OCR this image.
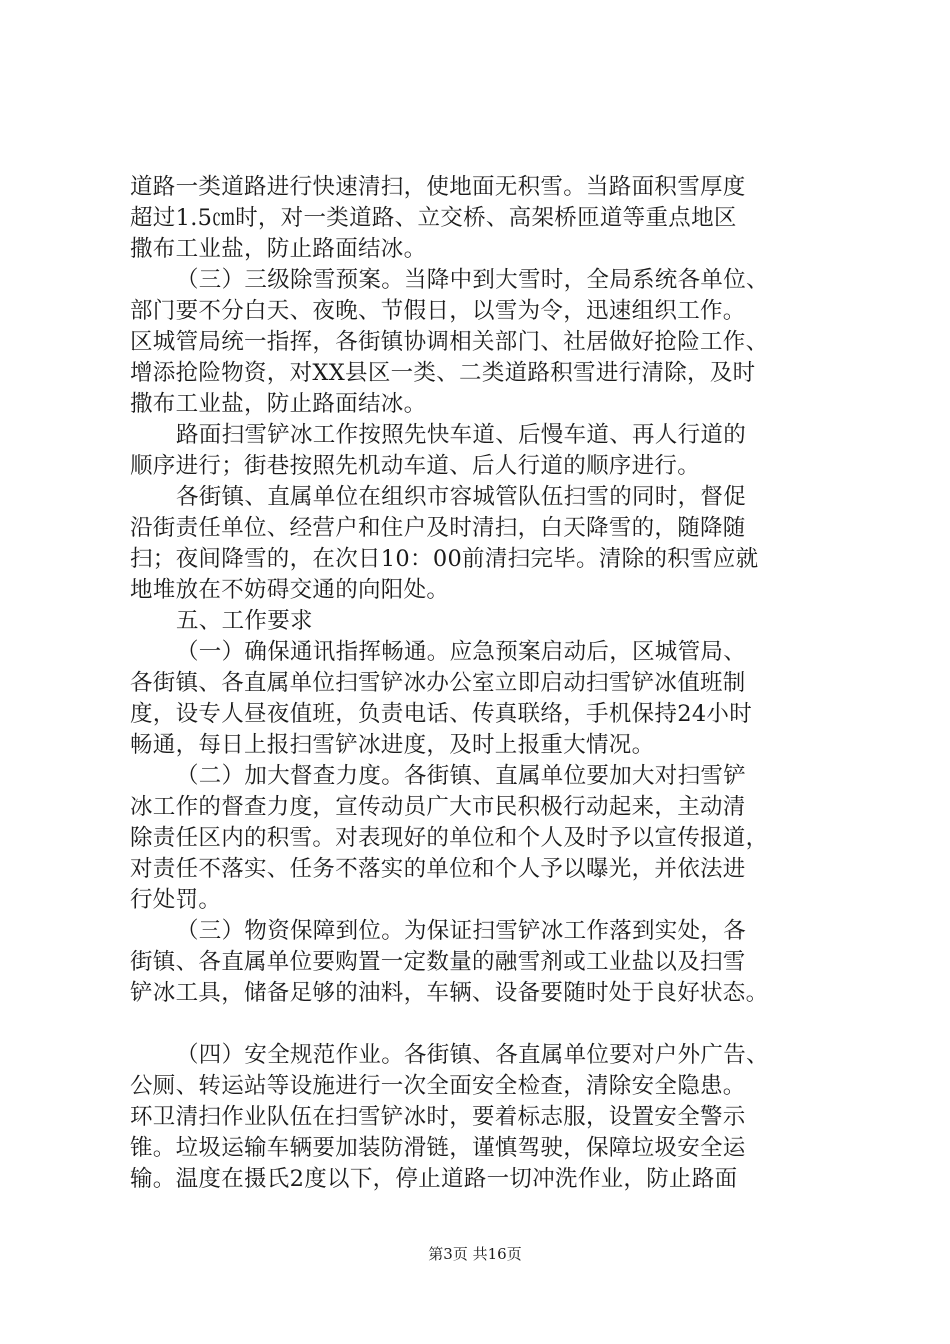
道路一类道路进行快速清扫，使地面无积雪。当路面积雪厚度
超过1.5㎝时，对一类道路、立交桥、高架桥匝道等重点地区
撒布工业盐，防止路面结冰。
（三）三级除雪预案。当降中到大雪时，全局系统各单位、
部门要不分白天、夜晚、节假日，以雪为令，迅速组织工作。
区城管局统一指挥，各街镇协调相关部门、社居做好抢险工作、
增添抢险物资，对XX县区一类、二类道路积雪进行清除，及时
撒布工业盐，防止路面结冰。
路面扫雪铲冰工作按照先快车道、后慢车道、再人行道的
顺序进行；街巷按照先机动车道、后人行道的顺序进行。
各街镇、直属单位在组织市容城管队伍扫雪的同时，督促
沿街责任单位、经营户和住户及时清扫，白天降雪的，随降随
扫；夜间降雪的，在次日10：00前清扫完毕。清除的积雪应就
地堆放在不妨碍交通的向阳处。
五、工作要求
（一）确保通讯指挥畅通。应急预案启动后，区城管局、
各街镇、各直属单位扫雪铲冰办公室立即启动扫雪铲冰值班制
度，设专人昼夜值班，负责电话、传真联络，手机保持24小时
畅通，每日上报扫雪铲冰进度，及时上报重大情况。
（二）加大督查力度。各街镇、直属单位要加大对扫雪铲
冰工作的督查力度，宣传动员广大市民积极行动起来，主动清
除责任区内的积雪。对表现好的单位和个人及时予以宣传报道，
对责任不落实、任务不落实的单位和个人予以曝光，并依法进
行处罚。
（三）物资保障到位。为保证扫雪铲冰工作落到实处，各
街镇、各直属单位要购置一定数量的融雪剂或工业盐以及扫雪
铲冰工具，储备足够的油料，车辆、设备要随时处于良好状态。
（四）安全规范作业。各街镇、各直属单位要对户外广告、
公厕、转运站等设施进行一次全面安全检查，清除安全隐患。
环卫清扫作业队伍在扫雪铲冰时，要着标志服，设置安全警示
锥。垃圾运输车辆要加装防滑链，谨慎驾驶，保障垃圾安全运
输。温度在摄氏2度以下，停止道路一切冲洗作业，防止路面
第3页 共16页
